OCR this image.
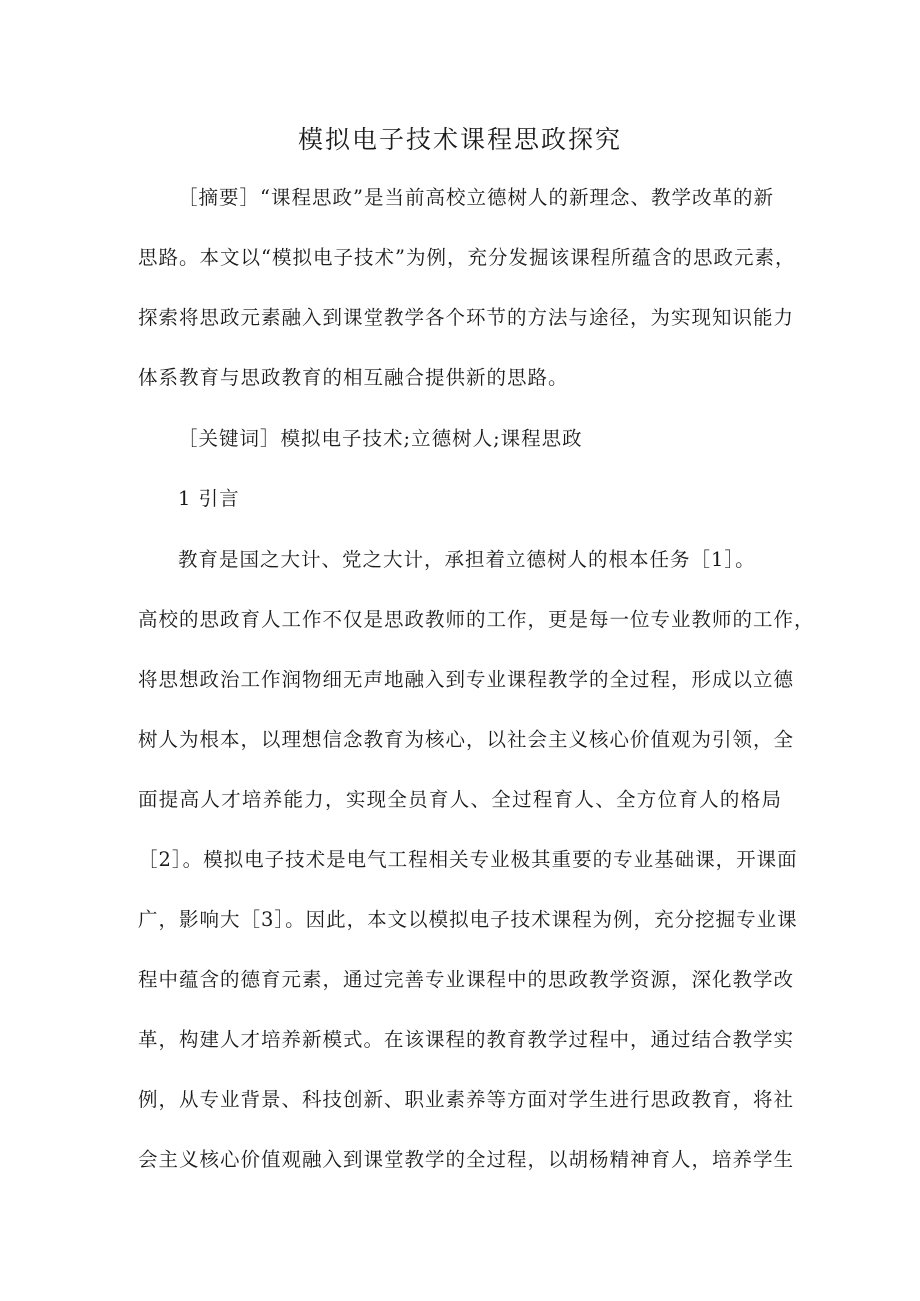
模拟电子技术课程思政探究
［摘要］“课程思政”是当前高校立德树人的新理念、教学改革的新
思路。本文以“模拟电子技术”为例，充分发掘该课程所蕴含的思政元素，
探索将思政元素融入到课堂教学各个环节的方法与途径，为实现知识能力
体系教育与思政教育的相互融合提供新的思路。
［关键词］模拟电子技术;立德树人;课程思政
1 引言
教育是国之大计、党之大计，承担着立德树人的根本任务［1］。
高校的思政育人工作不仅是思政教师的工作，更是每一位专业教师的工作，
将思想政治工作润物细无声地融入到专业课程教学的全过程，形成以立德
树人为根本，以理想信念教育为核心，以社会主义核心价值观为引领，全
面提高人才培养能力，实现全员育人、全过程育人、全方位育人的格局
［2］。模拟电子技术是电气工程相关专业极其重要的专业基础课，开课面
广，影响大［3］。因此，本文以模拟电子技术课程为例，充分挖掘专业课
程中蕴含的德育元素，通过完善专业课程中的思政教学资源，深化教学改
革，构建人才培养新模式。在该课程的教育教学过程中，通过结合教学实
例，从专业背景、科技创新、职业素养等方面对学生进行思政教育，将社
会主义核心价值观融入到课堂教学的全过程，以胡杨精神育人，培养学生
